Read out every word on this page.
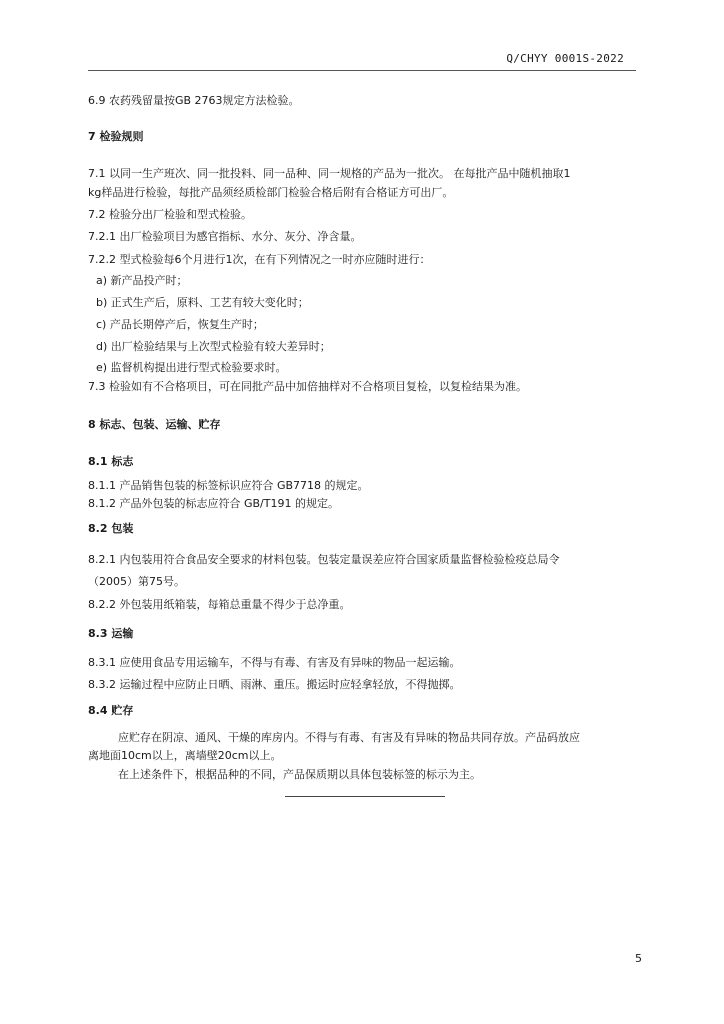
Q/CHYY 0001S-2022
6.9 农药残留量按GB 2763规定方法检验。
7 检验规则
7.1 以同一生产班次、同一批投料、同一品种、同一规格的产品为一批次。 在每批产品中随机抽取1
kg样品进行检验，每批产品须经质检部门检验合格后附有合格证方可出厂。
7.2 检验分出厂检验和型式检验。
7.2.1 出厂检验项目为感官指标、水分、灰分、净含量。
7.2.2 型式检验每6个月进行1次，在有下列情况之一时亦应随时进行：
a) 新产品投产时；
b) 正式生产后，原料、工艺有较大变化时；
c) 产品长期停产后，恢复生产时；
d) 出厂检验结果与上次型式检验有较大差异时；
e) 监督机构提出进行型式检验要求时。
7.3 检验如有不合格项目，可在同批产品中加倍抽样对不合格项目复检，以复检结果为准。
8 标志、包装、运输、贮存
8.1 标志
8.1.1 产品销售包装的标签标识应符合 GB7718 的规定。
8.1.2 产品外包装的标志应符合 GB/T191 的规定。
8.2 包装
8.2.1 内包装用符合食品安全要求的材料包装。包装定量误差应符合国家质量监督检验检疫总局令
（2005）第75号。
8.2.2 外包装用纸箱装，每箱总重量不得少于总净重。
8.3 运输
8.3.1 应使用食品专用运输车，不得与有毒、有害及有异味的物品一起运输。
8.3.2 运输过程中应防止日晒、雨淋、重压。搬运时应轻拿轻放，不得抛掷。
8.4 贮存
应贮存在阴凉、通风、干燥的库房内。不得与有毒、有害及有异味的物品共同存放。产品码放应
离地面10cm以上，离墙壁20cm以上。
在上述条件下，根据品种的不同，产品保质期以具体包装标签的标示为主。
5
